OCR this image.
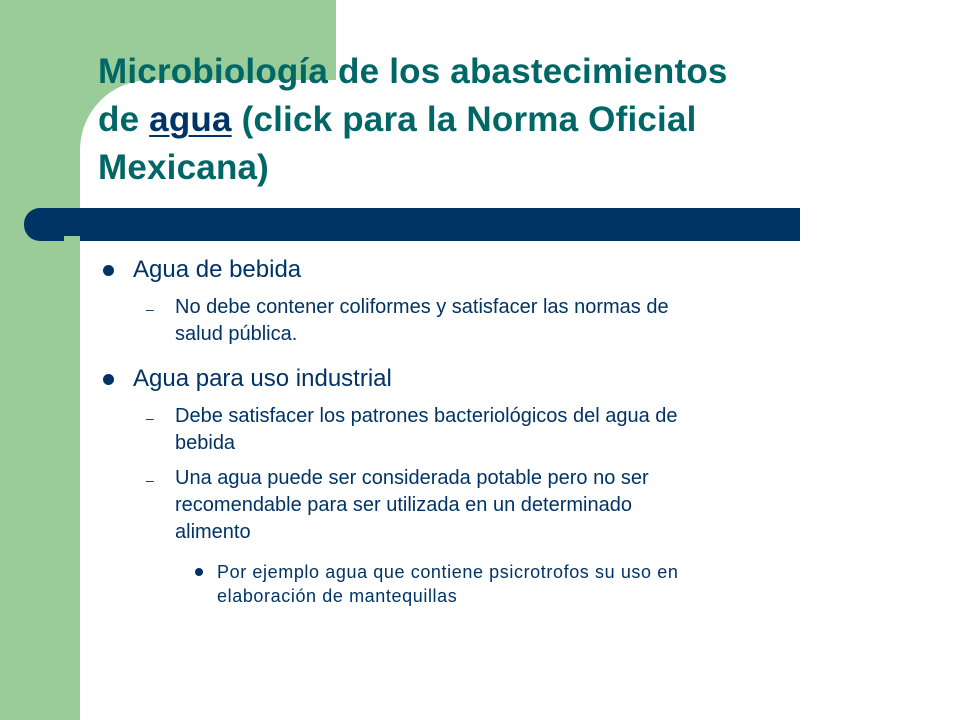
Microbiología de los abastecimientos
de agua (click para la Norma Oficial
Mexicana)
Agua de bebida
– No debe contener coliformes y satisfacer las normas de
salud pública.
Agua para uso industrial
– Debe satisfacer los patrones bacteriológicos del agua de
bebida
– Una agua puede ser considerada potable pero no ser
recomendable para ser utilizada en un determinado
alimento
Por ejemplo agua que contiene psicrotrofos su uso en
elaboración de mantequillas
